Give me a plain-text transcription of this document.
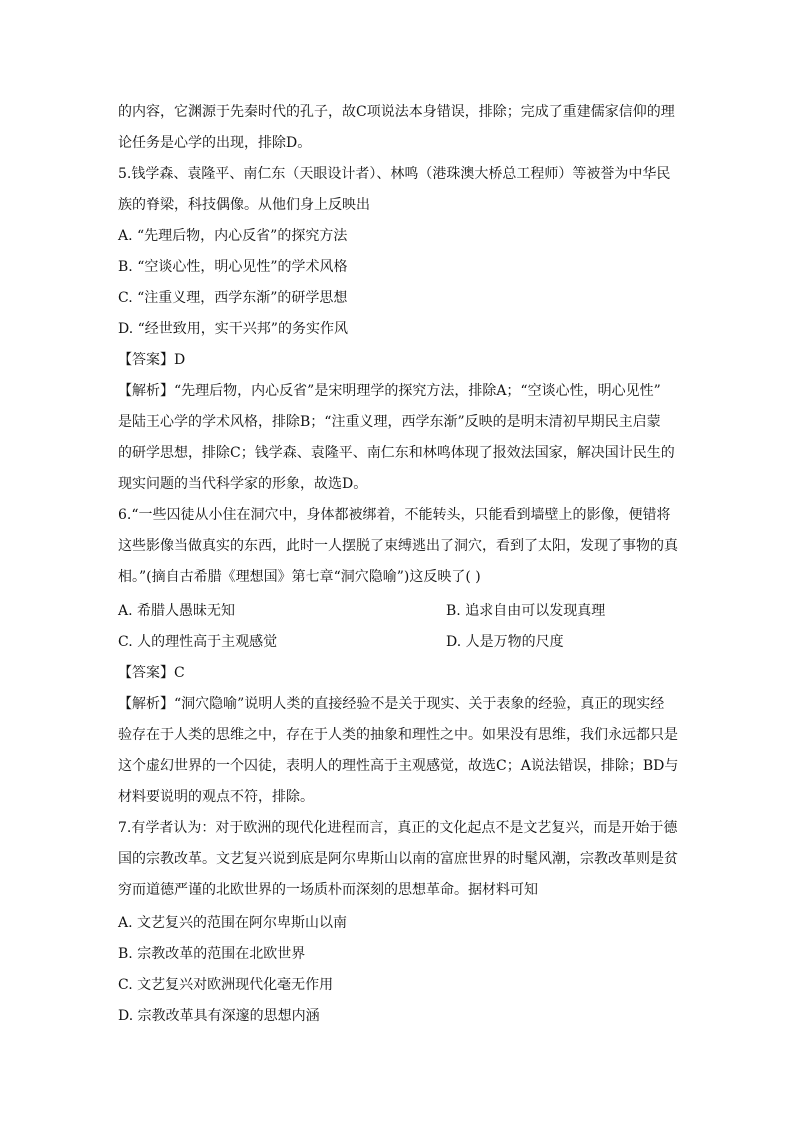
的内容，它渊源于先秦时代的孔子，故C项说法本身错误，排除；完成了重建儒家信仰的理
论任务是心学的出现，排除D。
5.钱学森、袁隆平、南仁东（天眼设计者）、林鸣（港珠澳大桥总工程师）等被誉为中华民
族的脊梁，科技偶像。从他们身上反映出
A. “先理后物，内心反省”的探究方法
B. “空谈心性，明心见性”的学术风格
C. “注重义理，西学东渐”的研学思想
D. “经世致用，实干兴邦”的务实作风
【答案】D
【解析】“先理后物，内心反省”是宋明理学的探究方法，排除A；“空谈心性，明心见性”
是陆王心学的学术风格，排除B；“注重义理，西学东渐”反映的是明末清初早期民主启蒙
的研学思想，排除C；钱学森、袁隆平、南仁东和林鸣体现了报效法国家，解决国计民生的
现实问题的当代科学家的形象，故选D。
6.“一些囚徒从小住在洞穴中，身体都被绑着，不能转头，只能看到墙壁上的影像，便错将
这些影像当做真实的东西，此时一人摆脱了束缚逃出了洞穴，看到了太阳，发现了事物的真
相。”(摘自古希腊《理想国》第七章“洞穴隐喻”)这反映了( )
A. 希腊人愚昧无知	B. 追求自由可以发现真理
C. 人的理性高于主观感觉	D. 人是万物的尺度
【答案】C
【解析】“洞穴隐喻”说明人类的直接经验不是关于现实、关于表象的经验，真正的现实经
验存在于人类的思维之中，存在于人类的抽象和理性之中。如果没有思维，我们永远都只是
这个虚幻世界的一个囚徒，表明人的理性高于主观感觉，故选C；A说法错误，排除；BD与
材料要说明的观点不符，排除。
7.有学者认为：对于欧洲的现代化进程而言，真正的文化起点不是文艺复兴，而是开始于德
国的宗教改革。文艺复兴说到底是阿尔卑斯山以南的富庶世界的时髦风潮，宗教改革则是贫
穷而道德严谨的北欧世界的一场质朴而深刻的思想革命。据材料可知
A. 文艺复兴的范围在阿尔卑斯山以南
B. 宗教改革的范围在北欧世界
C. 文艺复兴对欧洲现代化毫无作用
D. 宗教改革具有深邃的思想内涵
